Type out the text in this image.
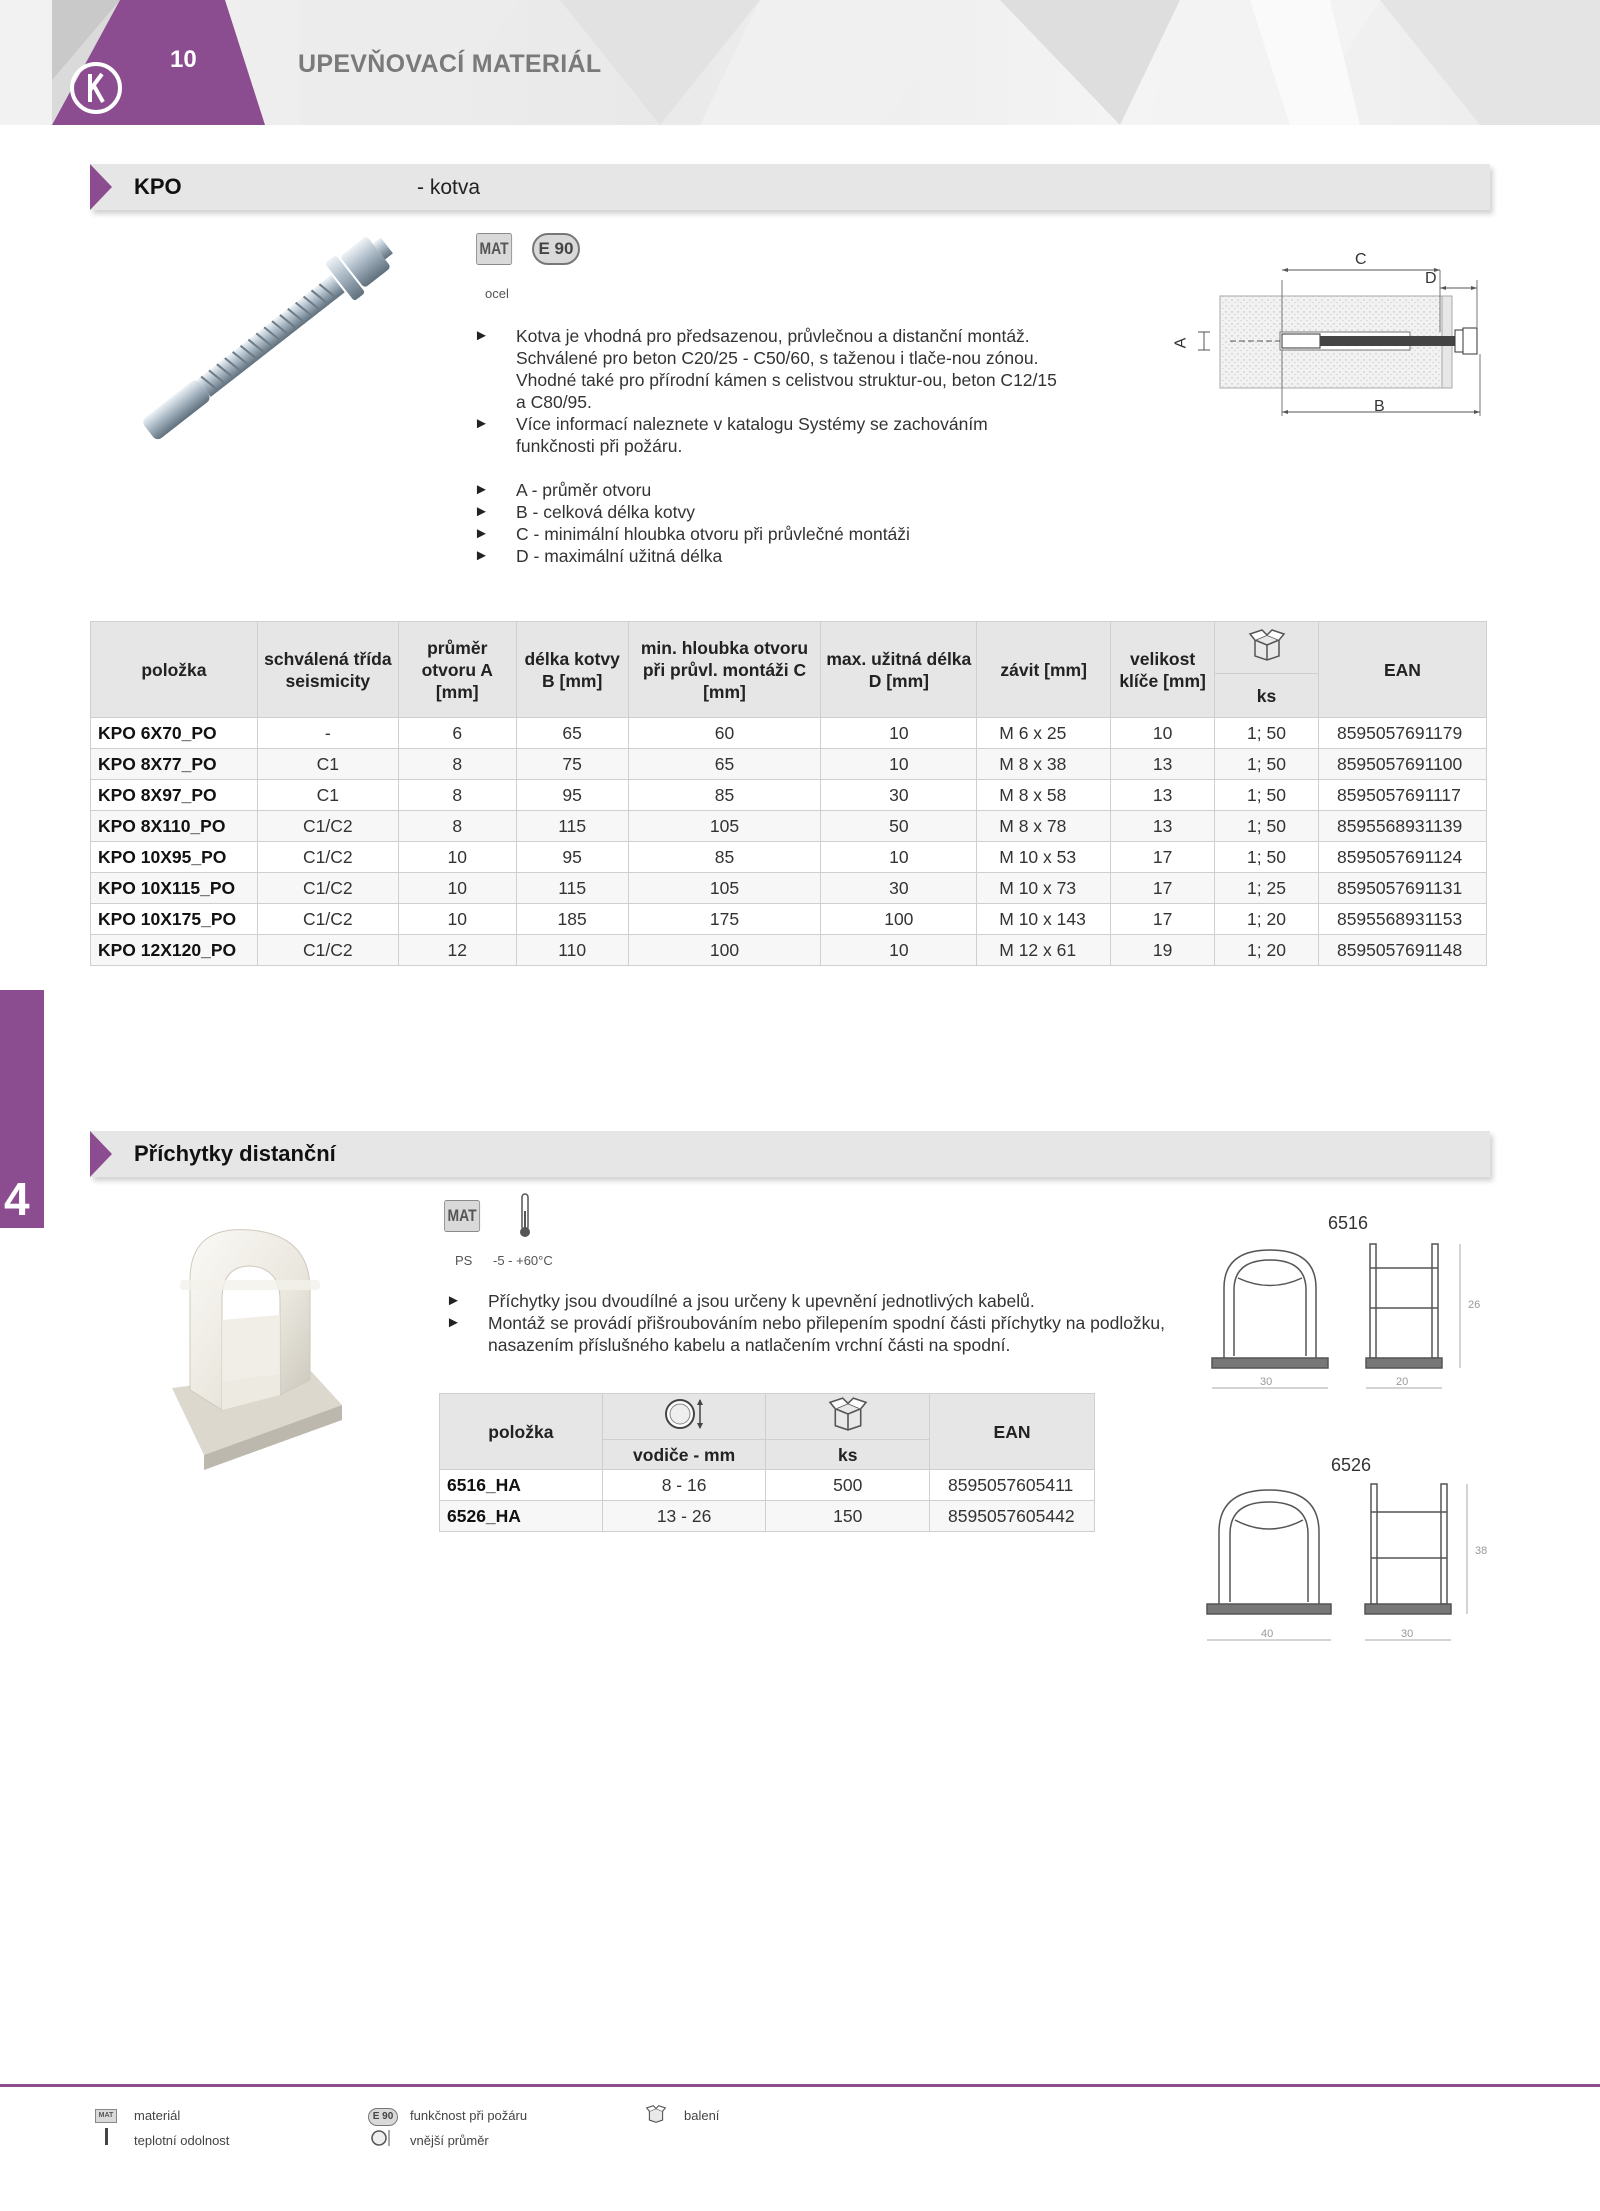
10	UPEVŇOVACÍ MATERIÁL
KPO	- kotva
MAT	E 90
ocel
► Kotva je vhodná pro předsazenou, průvlečnou a distanční montáž. Schválené pro beton C20/25 - C50/60, s taženou i tlače-nou zónou. Vhodné také pro přírodní kámen s celistvou struktur-ou, beton C12/15 a C80/95.
► Více informací naleznete v katalogu Systémy se zachováním funkčnosti při požáru.
► A - průměr otvoru
► B - celková délka kotvy
► C - minimální hloubka otvoru při průvlečné montáži
► D - maximální užitná délka
C
D
B
A
položka	schválená třída seismicity	průměr otvoru A [mm]	délka kotvy B [mm]	min. hloubka otvoru při průvl. montáži C [mm]	max. užitná délka D [mm]	závit [mm]	velikost klíče [mm]		EAN
								ks	
KPO 6X70_PO	-	6	65	60	10	M 6 x 25	10	1; 50	8595057691179
KPO 8X77_PO	C1	8	75	65	10	M 8 x 38	13	1; 50	8595057691100
KPO 8X97_PO	C1	8	95	85	30	M 8 x 58	13	1; 50	8595057691117
KPO 8X110_PO	C1/C2	8	115	105	50	M 8 x 78	13	1; 50	8595568931139
KPO 10X95_PO	C1/C2	10	95	85	10	M 10 x 53	17	1; 50	8595057691124
KPO 10X115_PO	C1/C2	10	115	105	30	M 10 x 73	17	1; 25	8595057691131
KPO 10X175_PO	C1/C2	10	185	175	100	M 10 x 143	17	1; 20	8595568931153
KPO 12X120_PO	C1/C2	12	110	100	10	M 12 x 61	19	1; 20	8595057691148
4
Příchytky distanční
MAT
PS -5 - +60°C
► Příchytky jsou dvoudílné a jsou určeny k upevnění jednotlivých kabelů.
► Montáž se provádí přišroubováním nebo přilepením spodní části příchytky na podložku, nasazením příslušného kabelu a natlačením vrchní části na spodní.
položka			EAN
	vodiče - mm	ks	
6516_HA	8 - 16	500	8595057605411
6526_HA	13 - 26	150	8595057605442
6516
30	20
26
6526
40	30
38
MAT materiál	E 90	funkčnost při požáru	balení
teplotní odolnost	vnější průměr
